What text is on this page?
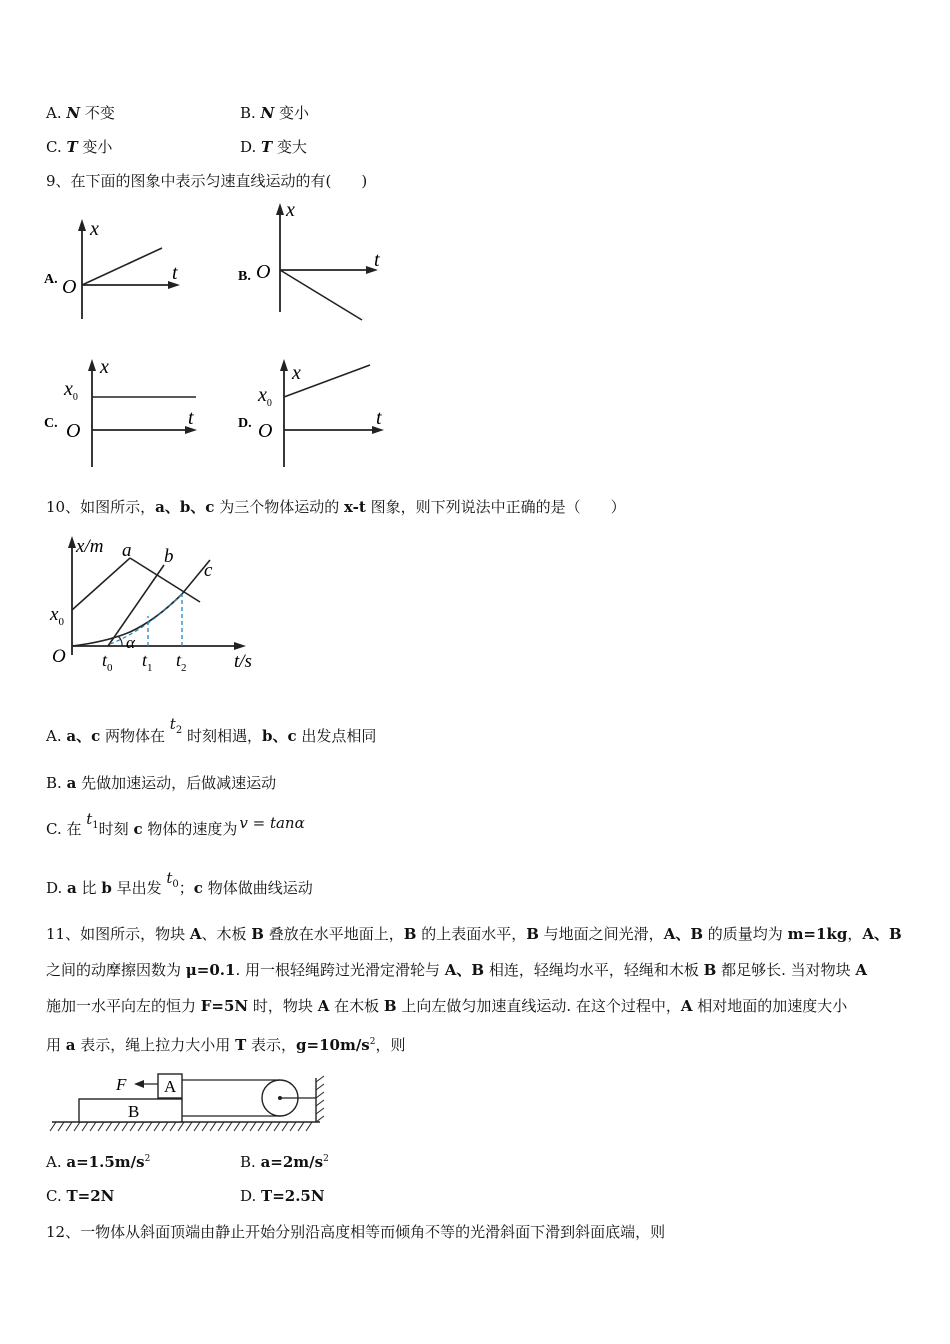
A. N 不变	B. N 变小
C. T 变小	D. T 变大
9、在下面的图象中表示匀速直线运动的有(　　)
A.
x
t
O	B.
x
t
O
C.
x
$x_0$
t
O	D.
x
$x_0$
t
O
10、如图所示，a、b、c 为三个物体运动的 x-t 图象，则下列说法中正确的是（　　）
x/m
t/s
O
$x_0$
a b
c
α
$t_0$ $t_1$ $t_2$
A. a、c 两物体在 $t^2$ 时刻相遇，b、c 出发点相同
B. a 先做加速运动，后做减速运动
C. 在 $t^1$时刻 c 物体的速度为 v = tanα
D. a 比 b 早出发 $t^0$；c 物体做曲线运动
11、如图所示，物块 A、木板 B 叠放在水平地面上，B 的上表面水平，B 与地面之间光滑，A、B 的质量均为 m=1kg，A、B
之间的动摩擦因数为 μ=0.1. 用一根轻绳跨过光滑定滑轮与 A、B 相连，轻绳均水平，轻绳和木板 B 都足够长. 当对物块 A
施加一水平向左的恒力 F=5N 时，物块 A 在木板 B 上向左做匀加速直线运动. 在这个过程中，A 相对地面的加速度大小
用 a 表示，绳上拉力大小用 T 表示，$g=10m/s^2$，则
B
A
F
A. $a=1.5m/s^2$	B. $a=2m/s^2$
C. T=2N	D. T=2.5N
12、一物体从斜面顶端由静止开始分别沿高度相等而倾角不等的光滑斜面下滑到斜面底端，则
